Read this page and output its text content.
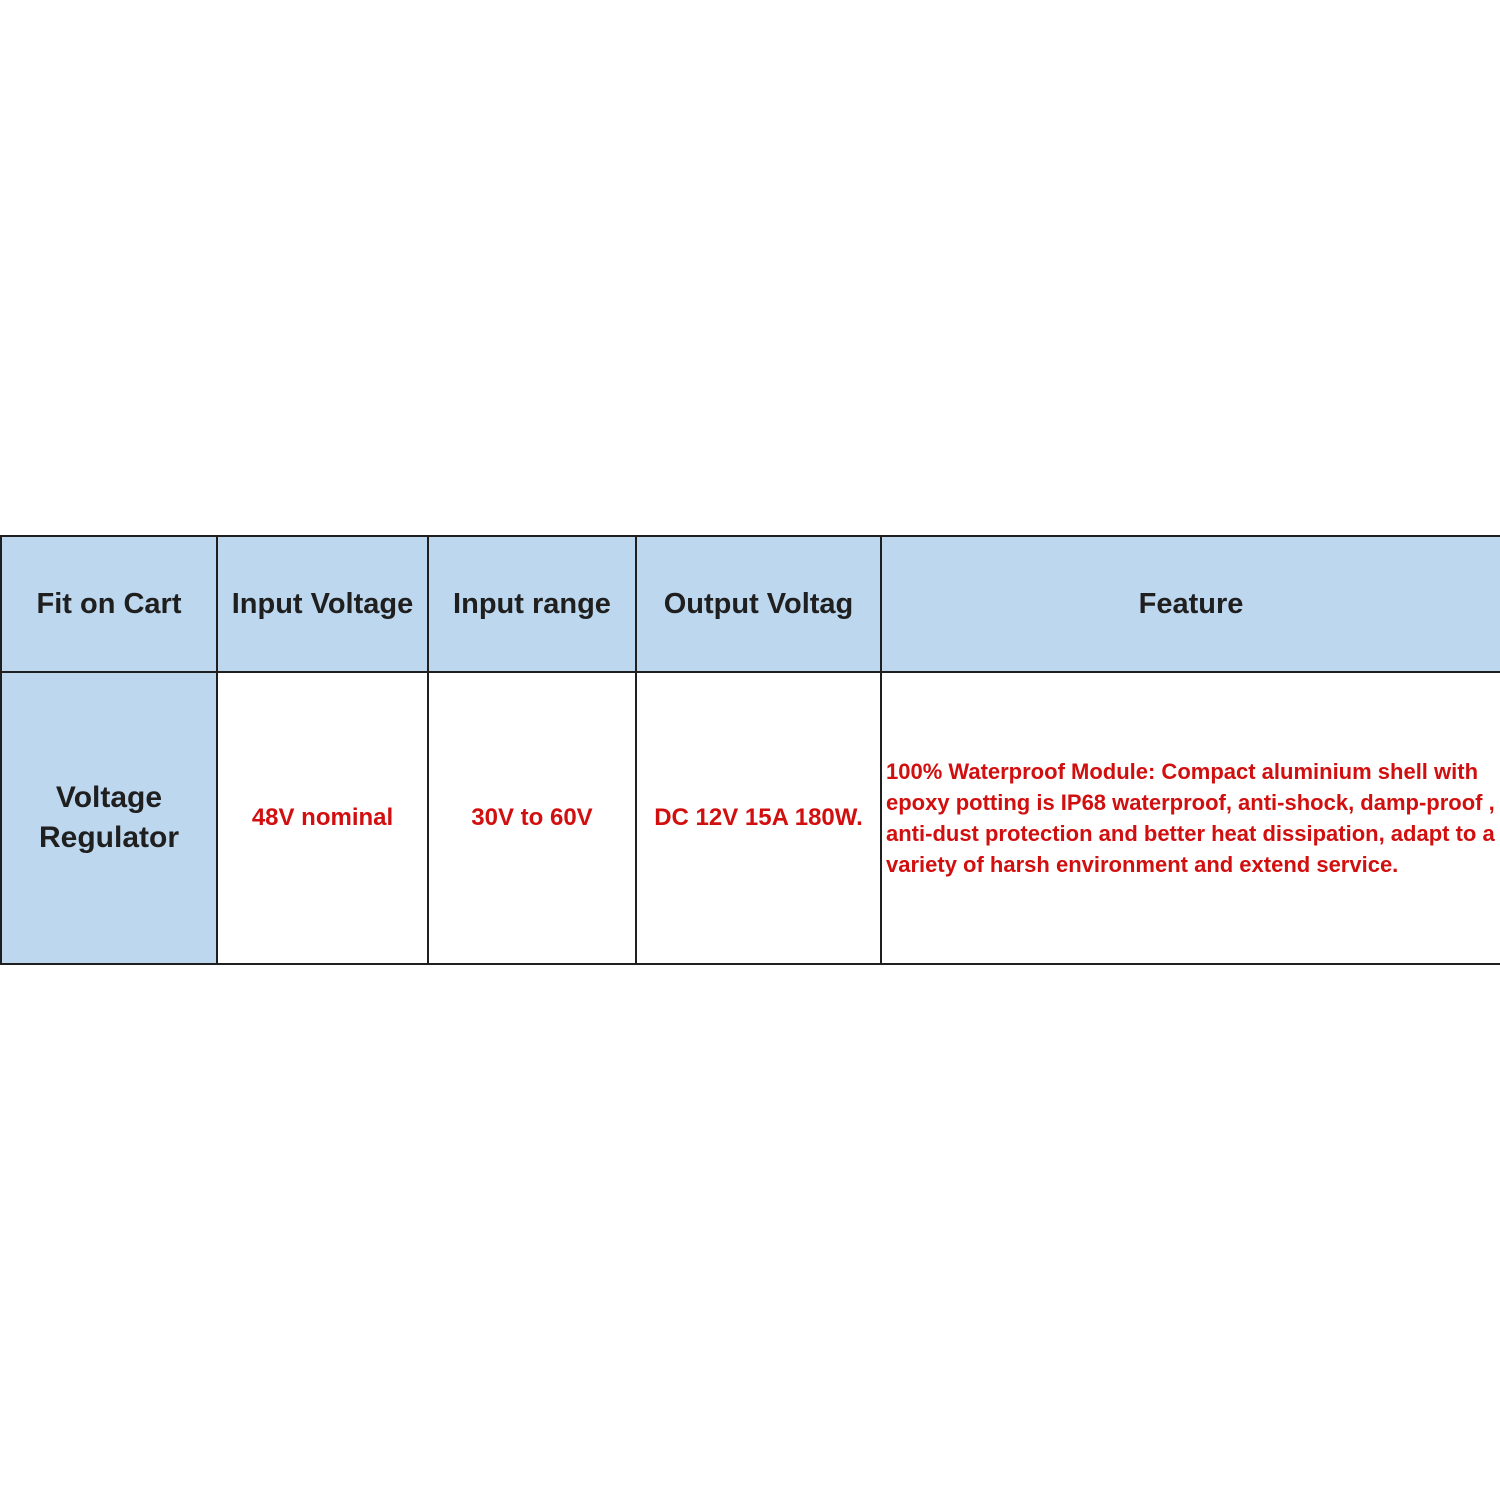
Fit on Cart	Input Voltage	Input range	Output Voltag	Feature
Voltage
Regulator	48V nominal	30V to 60V	DC 12V 15A 180W.	100% Waterproof Module: Compact aluminium shell with epoxy potting is IP68 waterproof, anti-shock, damp-proof , anti-dust protection and better heat dissipation, adapt to a variety of harsh environment and extend service.
